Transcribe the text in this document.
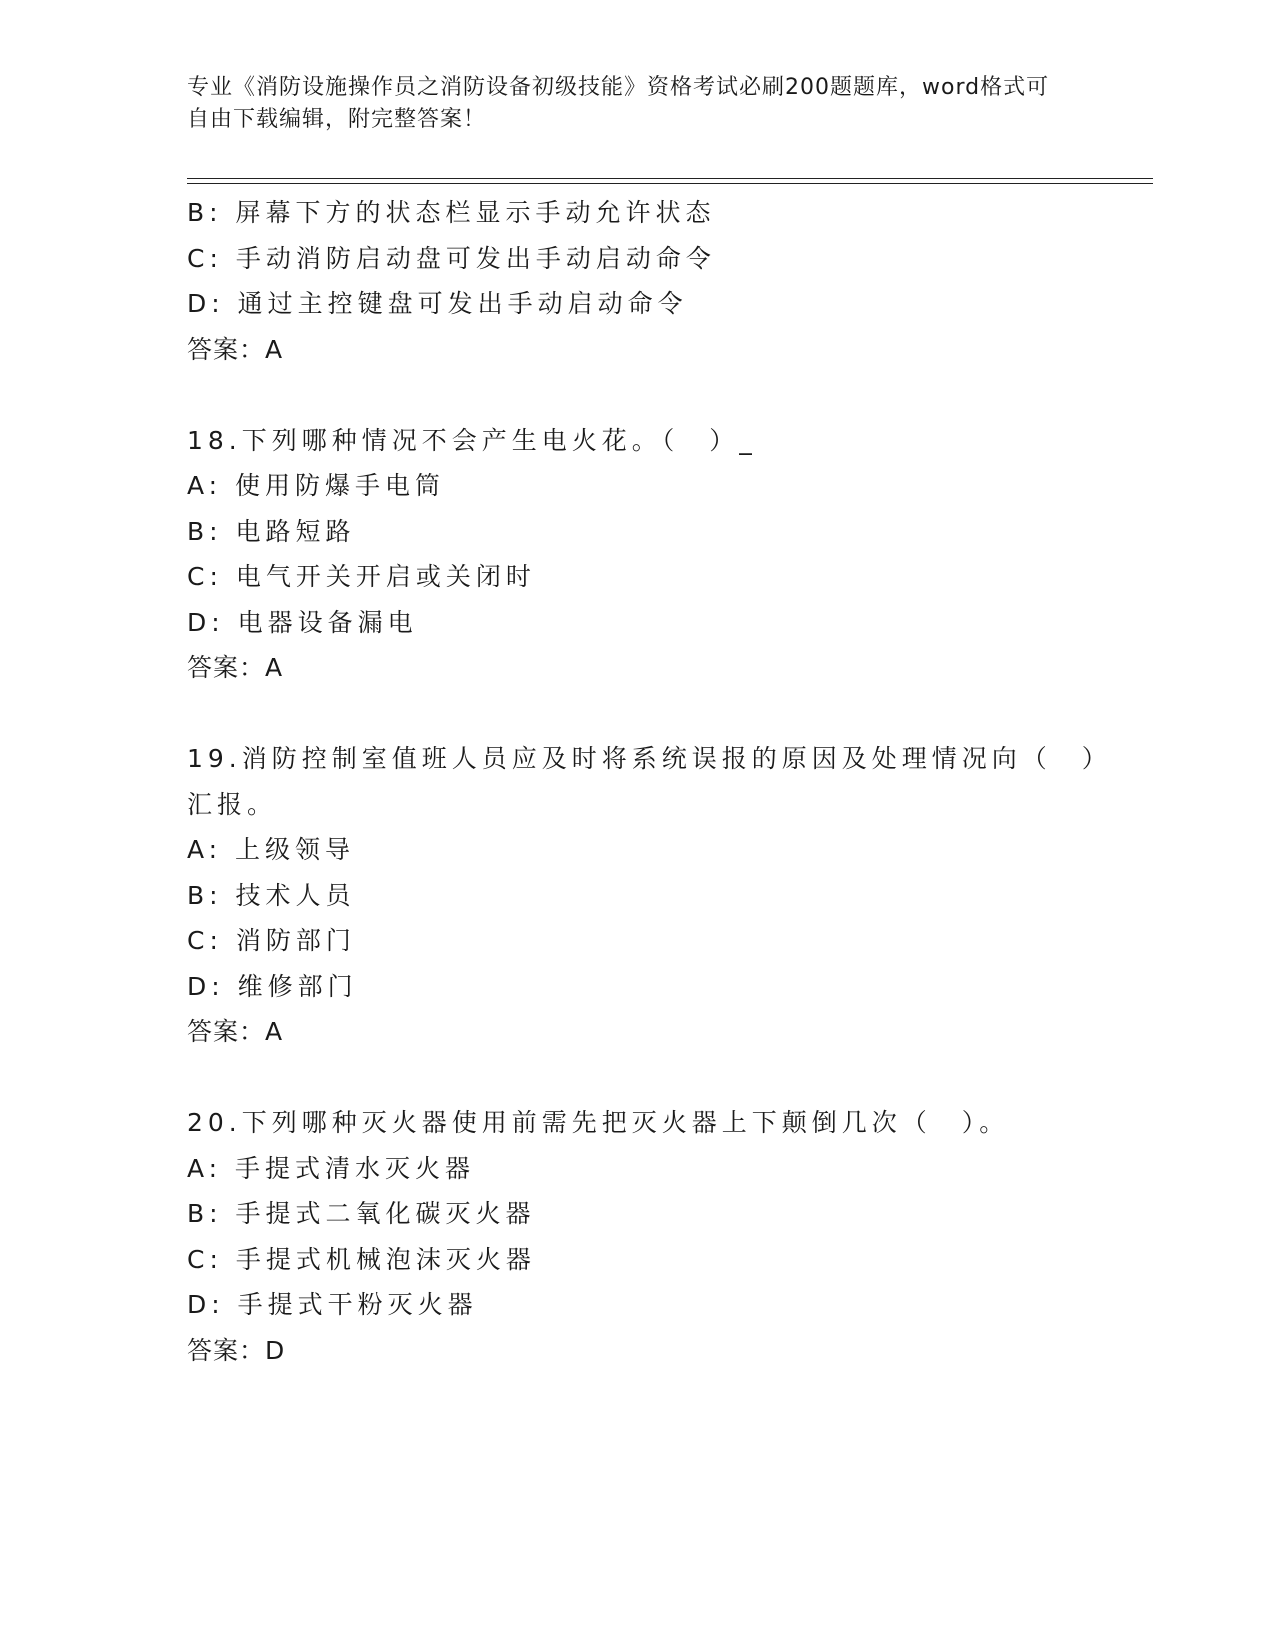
专业《消防设施操作员之消防设备初级技能》资格考试必刷200题题库，word格式可自由下载编辑，附完整答案！
B: 屏幕下方的状态栏显示手动允许状态
C: 手动消防启动盘可发出手动启动命令
D: 通过主控键盘可发出手动启动命令
答案：A
18.下列哪种情况不会产生电火花。（　）_
A: 使用防爆手电筒
B: 电路短路
C: 电气开关开启或关闭时
D: 电器设备漏电
答案：A
19.消防控制室值班人员应及时将系统误报的原因及处理情况向（　）
汇报。
A: 上级领导
B: 技术人员
C: 消防部门
D: 维修部门
答案：A
20.下列哪种灭火器使用前需先把灭火器上下颠倒几次（　）。
A: 手提式清水灭火器
B: 手提式二氧化碳灭火器
C: 手提式机械泡沫灭火器
D: 手提式干粉灭火器
答案：D
